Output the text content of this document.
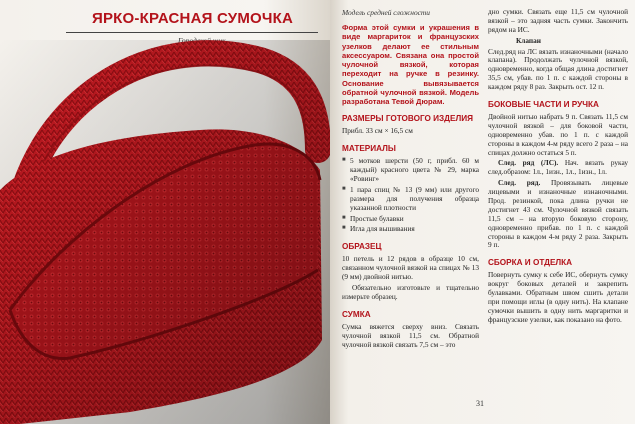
ЯРКО-КРАСНАЯ СУМОЧКА	Модель средней сложности
Форма этой сумки и украшения в виде маргариток и французских узелков делают ее стильным аксессуаром. Связана она простой чулочной вязкой, которая переходит на ручке в резинку. Основание вывязывается обратной чулочной вязкой. Модель разработана Тевой Дюрам.
РАЗМЕРЫ ГОТОВОГО ИЗДЕЛИЯ

Прибл. 33 см × 16,5 см

МАТЕРИАЛЫ
■ 5 мотков шерсти (50 г, прибл. 60 м каждый) красного цвета № 29, марка «Ровинг»
■ 1 пара спиц № 13 (9 мм) или другого размера для получения образца указанной плотности
■ Простые булавки
■ Игла для вышивания
ОБРАЗЕЦ

10 петель и 12 рядов в образце 10 см, связанном чулочной вязкой на спицах № 13 (9 мм) двойной нитью.

Обязательно изготовьте и тщательно измерьте образец.

СУМКА

Сумка вяжется сверху вниз. Связать чулочной вязкой 11,5 см. Обратной чулочной вязкой связать 7,5 см – это

дно сумки. Связать еще 11,5 см чулочной вязкой – это задняя часть сумки. Закончить рядом на ИС.

Клапан

След.ряд на ЛС вязать изнаночными (начало клапана). Продолжать чулочной вязкой, одновременно, когда общая длина достигнет 35,5 см, убав. по 1 п. с каждой стороны в каждом ряду 8 раз. Закрыть ост. 12 п.

БОКОВЫЕ ЧАСТИ И РУЧКА

Двойной нитью набрать 9 п. Связать 11,5 см чулочной вязкой – для боковой части, одновременно убав. по 1 п. с каждой стороны в каждом 4-м ряду всего 2 раза – на спицах должно остаться 5 п.

След. ряд (ЛС). Нач. вязать рукау след.образом: 1л., 1изн., 1л., 1изн., 1л.

След. ряд. Провязывать лицевые лицевыми и изнаночные изнаночными. Прод. резинкой, пока длина ручки не достигнет 43 см. Чулочной вязкой связать 11,5 см – на вторую боковую сторону, одновременно прибав. по 1 п. с каждой стороны в каждом 4-м ряду 2 раза. Закрыть 9 п.

СБОРКА И ОТДЕЛКА

Повернуть сумку к себе ИС, обернуть сумку вокруг боковых деталей и закрепить булавками. Обратным швом сшить детали при помощи иглы (в одну нить). На клапане сумочки вышить в одну нить маргаритки и французские узелки, как показано на фото.

31
